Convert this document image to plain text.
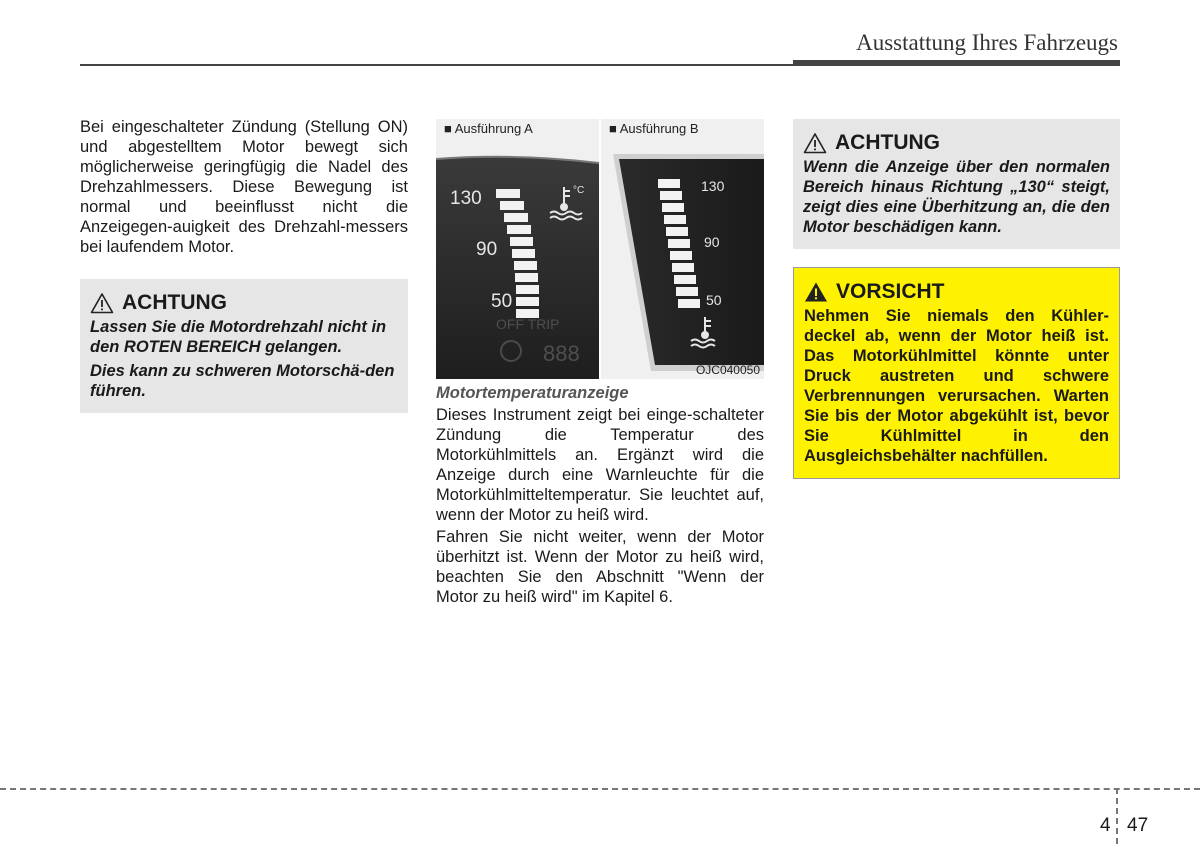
Ausstattung Ihres Fahrzeugs

Bei eingeschalteter Zündung (Stellung ON) und abgestelltem Motor bewegt sich möglicherweise geringfügig die Nadel des Drehzahlmessers. Diese Bewegung ist normal und beeinflusst nicht die Anzeigegen-auigkeit des Drehzahl-messers bei laufendem Motor.

ACHTUNG

Lassen Sie die Motordrehzahl nicht in den ROTEN BEREICH gelangen.

Dies kann zu schweren Motorschä-den führen.

■ Ausführung A
130
90
50
°C
OFF TRIP
888
■ Ausführung B
130
90
50
OJC040050

Motortemperaturanzeige

Dieses Instrument zeigt bei einge-schalteter Zündung die Temperatur des Motorkühlmittels an. Ergänzt wird die Anzeige durch eine Warnleuchte für die Motorkühlmitteltemperatur. Sie leuchtet auf, wenn der Motor zu heiß wird.

Fahren Sie nicht weiter, wenn der Motor überhitzt ist. Wenn der Motor zu heiß wird, beachten Sie den Abschnitt "Wenn der Motor zu heiß wird" im Kapitel 6.

ACHTUNG

Wenn die Anzeige über den normalen Bereich hinaus Richtung „130“ steigt, zeigt dies eine Überhitzung an, die den Motor beschädigen kann.

VORSICHT

Nehmen Sie niemals den Kühler-deckel ab, wenn der Motor heiß ist. Das Motorkühlmittel könnte unter Druck austreten und schwere Verbrennungen verursachen. Warten Sie bis der Motor abgekühlt ist, bevor Sie Kühlmittel in den Ausgleichsbehälter nachfüllen.

4 47
